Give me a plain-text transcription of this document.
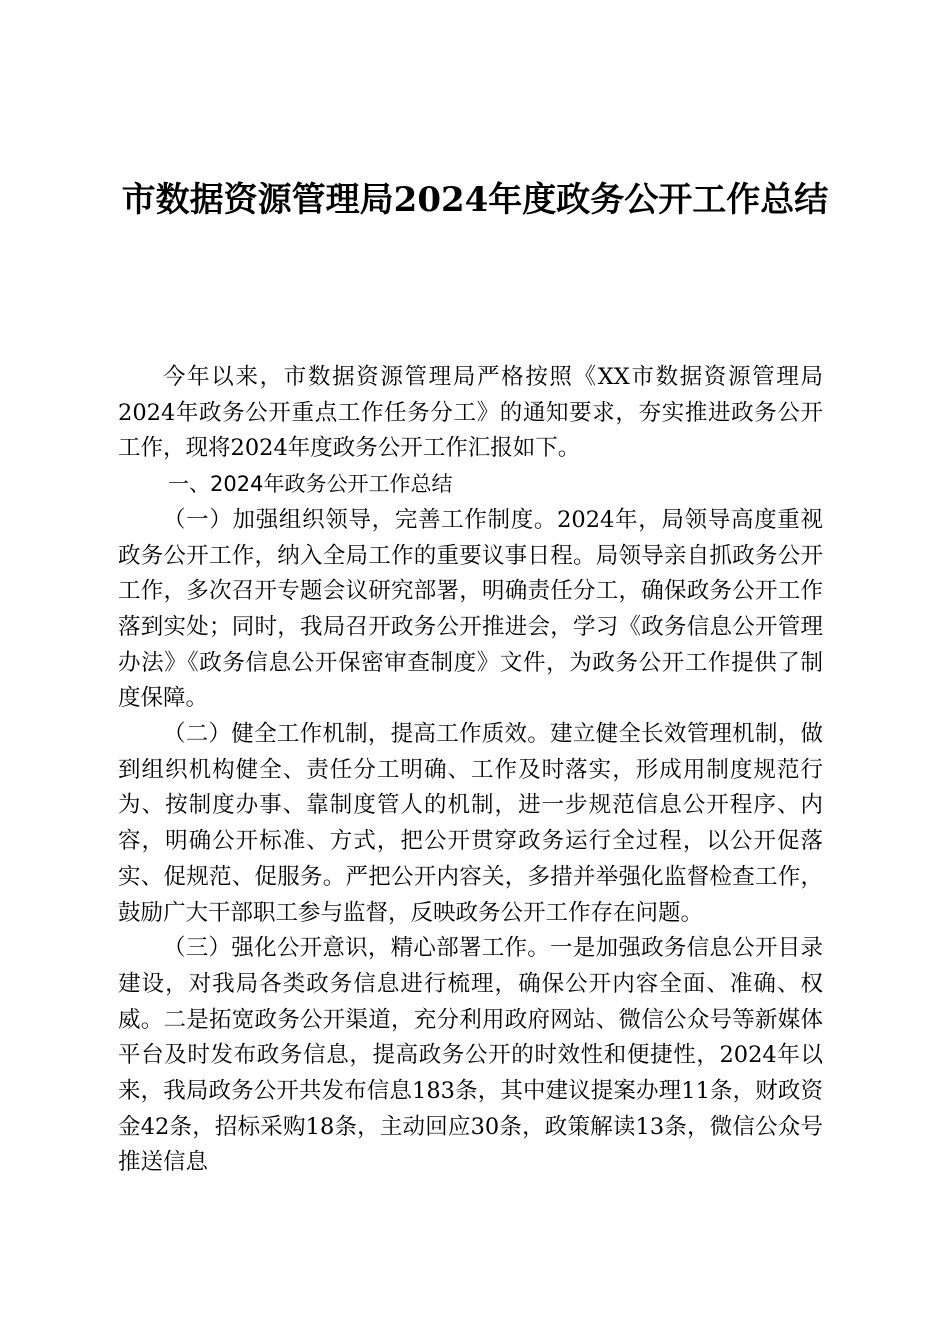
市数据资源管理局2024年度政务公开工作总结

今年以来，市数据资源管理局严格按照《XX市数据资源管理局2024年政务公开重点工作任务分工》的通知要求，夯实推进政务公开工作，现将2024年度政务公开工作汇报如下。

一、2024年政务公开工作总结

（一）加强组织领导，完善工作制度。2024年，局领导高度重视政务公开工作，纳入全局工作的重要议事日程。局领导亲自抓政务公开工作，多次召开专题会议研究部署，明确责任分工，确保政务公开工作落到实处；同时，我局召开政务公开推进会，学习《政务信息公开管理办法》《政务信息公开保密审查制度》文件，为政务公开工作提供了制度保障。

（二）健全工作机制，提高工作质效。建立健全长效管理机制，做到组织机构健全、责任分工明确、工作及时落实，形成用制度规范行为、按制度办事、靠制度管人的机制，进一步规范信息公开程序、内容，明确公开标准、方式，把公开贯穿政务运行全过程，以公开促落实、促规范、促服务。严把公开内容关，多措并举强化监督检查工作，鼓励广大干部职工参与监督，反映政务公开工作存在问题。

（三）强化公开意识，精心部署工作。一是加强政务信息公开目录建设，对我局各类政务信息进行梳理，确保公开内容全面、准确、权威。二是拓宽政务公开渠道，充分利用政府网站、微信公众号等新媒体平台及时发布政务信息，提高政务公开的时效性和便捷性，2024年以来，我局政务公开共发布信息183条，其中建议提案办理11条，财政资金42条，招标采购18条，主动回应30条，政策解读13条，微信公众号推送信息
